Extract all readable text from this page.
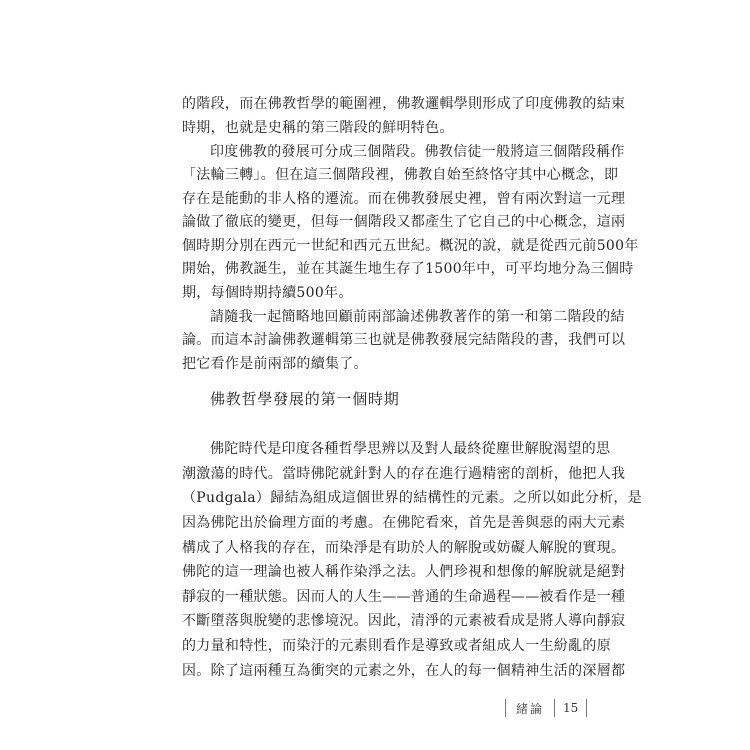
的階段，而在佛教哲學的範圍裡，佛教邏輯學則形成了印度佛教的結束
時期，也就是史稱的第三階段的鮮明特色。
印度佛教的發展可分成三個階段。佛教信徒一般將這三個階段稱作
「法輪三轉」。但在這三個階段裡，佛教自始至終恪守其中心概念，即
存在是能動的非人格的遷流。而在佛教發展史裡，曾有兩次對這一元理
論做了徹底的變更，但每一個階段又都產生了它自己的中心概念，這兩
個時期分別在西元一世紀和西元五世紀。概況的說，就是從西元前500年
開始，佛教誕生，並在其誕生地生存了1500年中，可平均地分為三個時
期，每個時期持續500年。
請隨我一起簡略地回顧前兩部論述佛教著作的第一和第二階段的結
論。而這本討論佛教邏輯第三也就是佛教發展完結階段的書，我們可以
把它看作是前兩部的續集了。
佛教哲學發展的第一個時期
佛陀時代是印度各種哲學思辨以及對人最終從塵世解脫渴望的思
潮激蕩的時代。當時佛陀就針對人的存在進行過精密的剖析，他把人我
（Pudgala）歸結為組成這個世界的結構性的元素。之所以如此分析，是
因為佛陀出於倫理方面的考慮。在佛陀看來，首先是善與惡的兩大元素
構成了人格我的存在，而染淨是有助於人的解脫或妨礙人解脫的實現。
佛陀的這一理論也被人稱作染淨之法。人們珍視和想像的解脫就是絕對
靜寂的一種狀態。因而人的人生——普通的生命過程——被看作是一種
不斷墮落與脫變的悲慘境況。因此，清淨的元素被看成是將人導向靜寂
的力量和特性，而染汙的元素則看作是導致或者組成人一生紛亂的原
因。除了這兩種互為衝突的元素之外，在人的每一個精神生活的深層都
緒論	15
